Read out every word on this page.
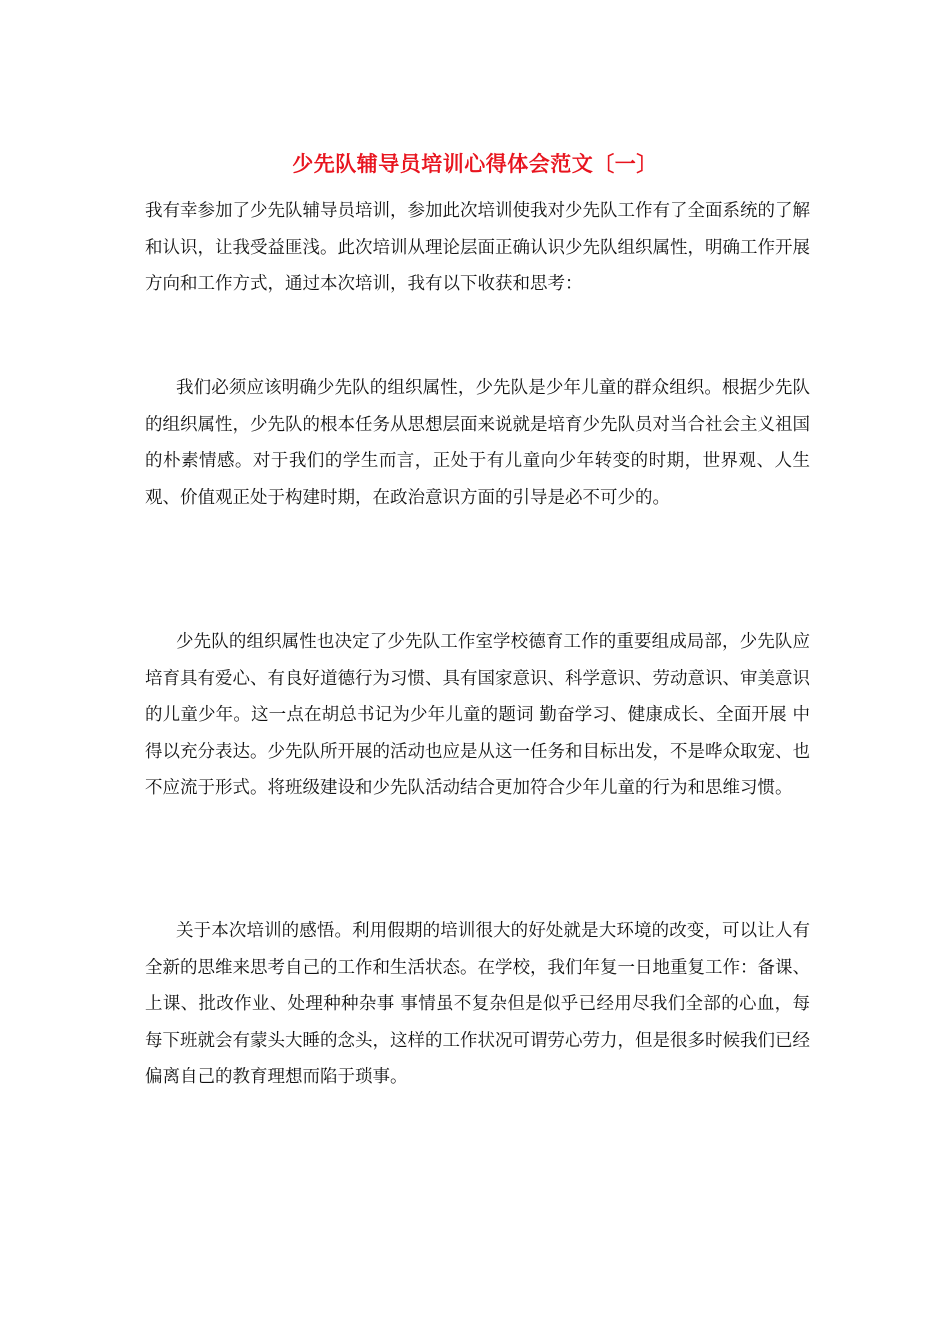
少先队辅导员培训心得体会范文〔一〕

我有幸参加了少先队辅导员培训，参加此次培训使我对少先队工作有了全面系统的了解和认识，让我受益匪浅。此次培训从理论层面正确认识少先队组织属性，明确工作开展方向和工作方式，通过本次培训，我有以下收获和思考：

我们必须应该明确少先队的组织属性，少先队是少年儿童的群众组织。根据少先队的组织属性，少先队的根本任务从思想层面来说就是培育少先队员对当合社会主义祖国的朴素情感。对于我们的学生而言，正处于有儿童向少年转变的时期，世界观、人生观、价值观正处于构建时期，在政治意识方面的引导是必不可少的。

少先队的组织属性也决定了少先队工作室学校德育工作的重要组成局部，少先队应培育具有爱心、有良好道德行为习惯、具有国家意识、科学意识、劳动意识、审美意识的儿童少年。这一点在胡总书记为少年儿童的题词 勤奋学习、健康成长、全面开展 中得以充分表达。少先队所开展的活动也应是从这一任务和目标出发，不是哗众取宠、也不应流于形式。将班级建设和少先队活动结合更加符合少年儿童的行为和思维习惯。

关于本次培训的感悟。利用假期的培训很大的好处就是大环境的改变，可以让人有全新的思维来思考自己的工作和生活状态。在学校，我们年复一日地重复工作：备课、上课、批改作业、处理种种杂事 事情虽不复杂但是似乎已经用尽我们全部的心血，每每下班就会有蒙头大睡的念头，这样的工作状况可谓劳心劳力，但是很多时候我们已经偏离自己的教育理想而陷于琐事。
